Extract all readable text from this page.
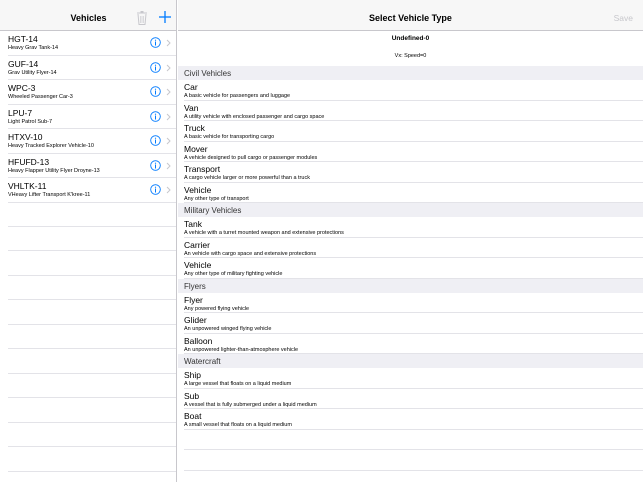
Vehicles
HGT-14
Heavy Grav Tank-14
GUF-14
Grav Utility Flyer-14
WPC-3
Wheeled Passenger Car-3
LPU-7
Light Patrol Sub-7
HTXV-10
Heavy Tracked Explorer Vehicle-10
HFUFD-13
Heavy Flapper Utility Flyer Droyne-13
VHLTK-11
VHeavy Lifter Transport K'kree-11
Select Vehicle Type	Save
Undefined-0
Vx: Speed=0
Civil Vehicles
Car
A basic vehicle for passengers and luggage
Van
A utility vehicle with enclosed passenger and cargo space
Truck
A basic vehicle for transporting cargo
Mover
A vehicle designed to pull cargo or passenger modules
Transport
A cargo vehicle larger or more powerful than a truck
Vehicle
Any other type of transport
Military Vehicles
Tank
A vehicle with a turret mounted weapon and extensive protections
Carrier
An vehicle with cargo space and extensive protections
Vehicle
Any other type of military fighting vehicle
Flyers
Flyer
Any powered flying vehicle
Glider
An unpowered winged flying vehicle
Balloon
An unpowered lighter-than-atmosphere vehicle
Watercraft
Ship
A large vessel that floats on a liquid medium
Sub
A vessel that is fully submerged under a liquid medium
Boat
A small vessel that floats on a liquid medium
